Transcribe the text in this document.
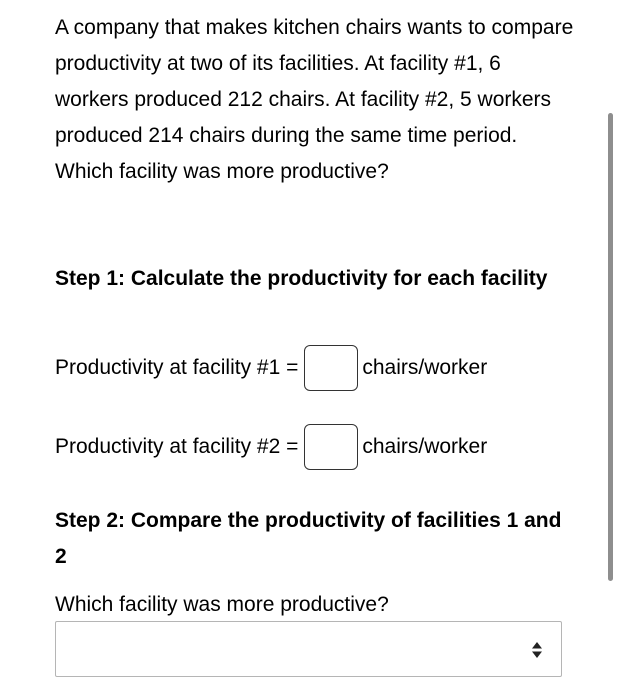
A company that makes kitchen chairs wants to compare productivity at two of its facilities. At facility #1, 6 workers produced 212 chairs. At facility #2, 5 workers produced 214 chairs during the same time period. Which facility was more productive?

Step 1: Calculate the productivity for each facility
Productivity at facility #1 =	chairs/worker
Productivity at facility #2 =	chairs/worker
Step 2: Compare the productivity of facilities 1 and 2
Which facility was more productive?
